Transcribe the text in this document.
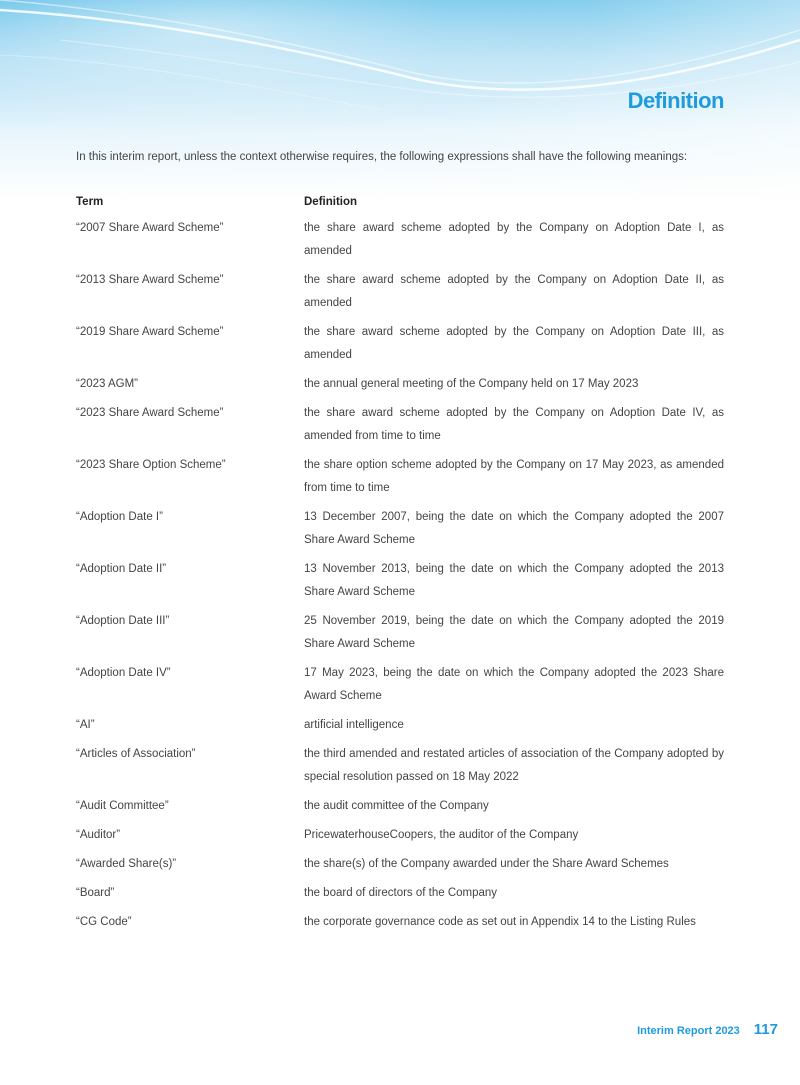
Definition

In this interim report, unless the context otherwise requires, the following expressions shall have the following meanings:

Term	Definition
“2007 Share Award Scheme”	the share award scheme adopted by the Company on Adoption Date I, as amended
“2013 Share Award Scheme”	the share award scheme adopted by the Company on Adoption Date II, as amended
“2019 Share Award Scheme”	the share award scheme adopted by the Company on Adoption Date III, as amended
“2023 AGM”	the annual general meeting of the Company held on 17 May 2023
“2023 Share Award Scheme”	the share award scheme adopted by the Company on Adoption Date IV, as amended from time to time
“2023 Share Option Scheme”	the share option scheme adopted by the Company on 17 May 2023, as amended from time to time
“Adoption Date I”	13 December 2007, being the date on which the Company adopted the 2007 Share Award Scheme
“Adoption Date II”	13 November 2013, being the date on which the Company adopted the 2013 Share Award Scheme
“Adoption Date III”	25 November 2019, being the date on which the Company adopted the 2019 Share Award Scheme
“Adoption Date IV”	17 May 2023, being the date on which the Company adopted the 2023 Share Award Scheme
“AI”	artificial intelligence
“Articles of Association”	the third amended and restated articles of association of the Company adopted by special resolution passed on 18 May 2022
“Audit Committee”	the audit committee of the Company
“Auditor”	PricewaterhouseCoopers, the auditor of the Company
“Awarded Share(s)”	the share(s) of the Company awarded under the Share Award Schemes
“Board”	the board of directors of the Company
“CG Code”	the corporate governance code as set out in Appendix 14 to the Listing Rules
Interim Report 2023 117
